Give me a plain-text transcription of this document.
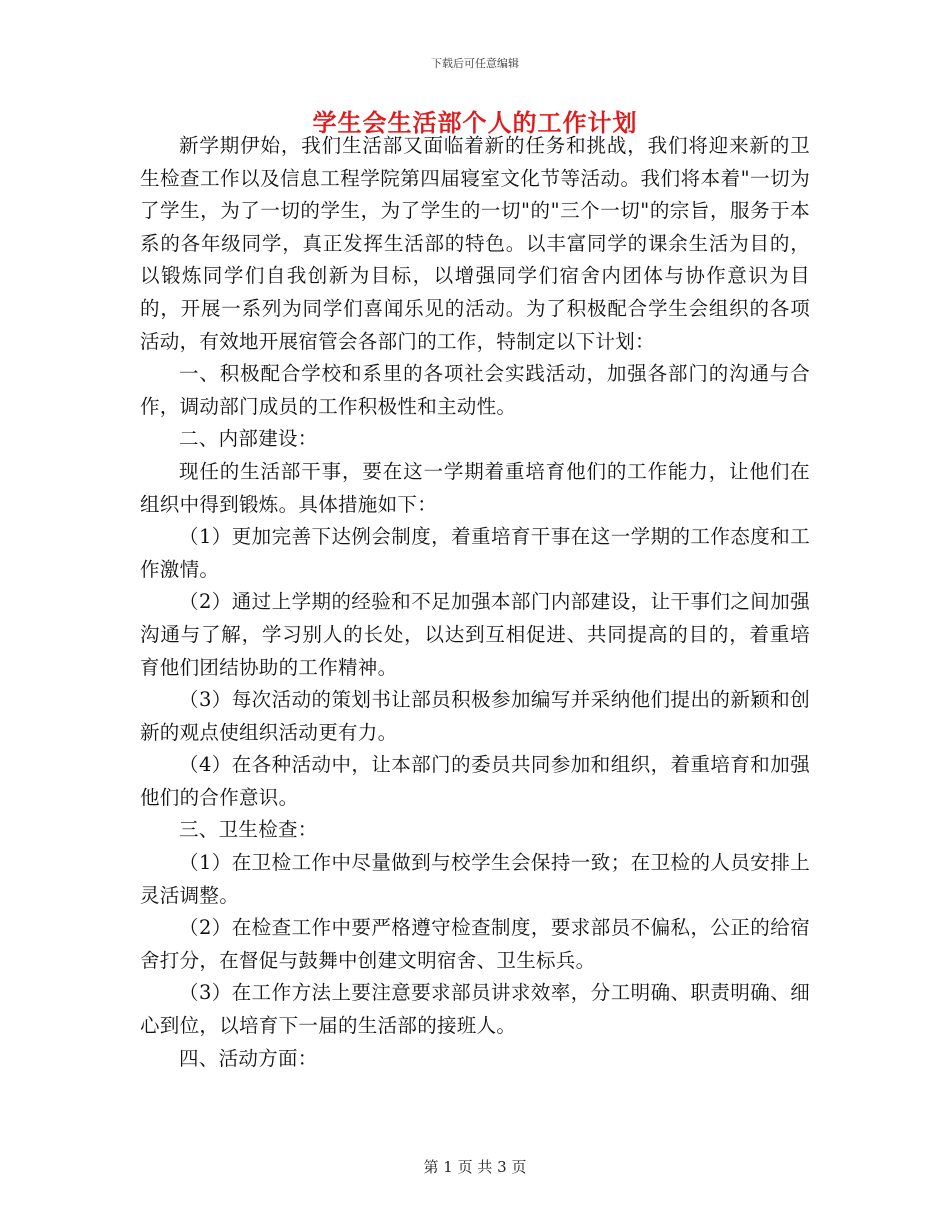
下载后可任意编辑
学生会生活部个人的工作计划

新学期伊始，我们生活部又面临着新的任务和挑战，我们将迎来新的卫生检查工作以及信息工程学院第四届寝室文化节等活动。我们将本着"一切为了学生，为了一切的学生，为了学生的一切"的"三个一切"的宗旨，服务于本系的各年级同学，真正发挥生活部的特色。以丰富同学的课余生活为目的，以锻炼同学们自我创新为目标，以增强同学们宿舍内团体与协作意识为目的，开展一系列为同学们喜闻乐见的活动。为了积极配合学生会组织的各项活动，有效地开展宿管会各部门的工作，特制定以下计划：

一、积极配合学校和系里的各项社会实践活动，加强各部门的沟通与合作，调动部门成员的工作积极性和主动性。

二、内部建设：

现任的生活部干事，要在这一学期着重培育他们的工作能力，让他们在组织中得到锻炼。具体措施如下：

（1）更加完善下达例会制度，着重培育干事在这一学期的工作态度和工作激情。

（2）通过上学期的经验和不足加强本部门内部建设，让干事们之间加强沟通与了解，学习别人的长处，以达到互相促进、共同提高的目的，着重培育他们团结协助的工作精神。

（3）每次活动的策划书让部员积极参加编写并采纳他们提出的新颖和创新的观点使组织活动更有力。

（4）在各种活动中，让本部门的委员共同参加和组织，着重培育和加强他们的合作意识。

三、卫生检查：

（1）在卫检工作中尽量做到与校学生会保持一致；在卫检的人员安排上灵活调整。

（2）在检查工作中要严格遵守检查制度，要求部员不偏私，公正的给宿舍打分，在督促与鼓舞中创建文明宿舍、卫生标兵。

（3）在工作方法上要注意要求部员讲求效率，分工明确、职责明确、细心到位，以培育下一届的生活部的接班人。

四、活动方面：

第 1 页 共 3 页
